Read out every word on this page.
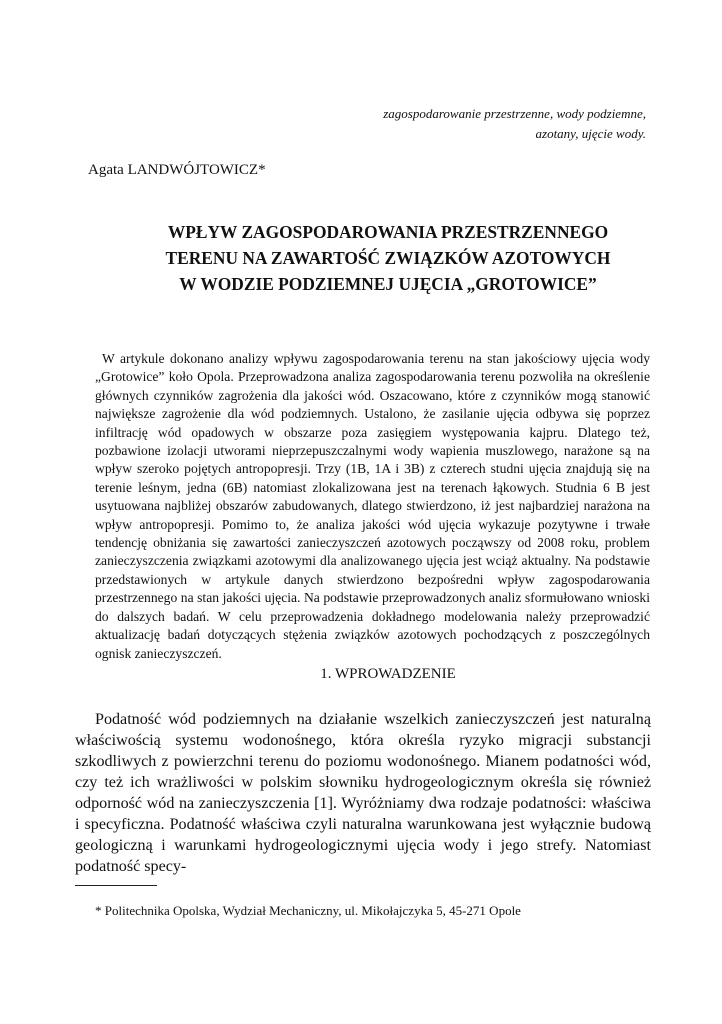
zagospodarowanie przestrzenne, wody podziemne,
azotany, ujęcie wody.
Agata LANDWÓJTOWICZ*
WPŁYW ZAGOSPODAROWANIA PRZESTRZENNEGO
TERENU NA ZAWARTOŚĆ ZWIĄZKÓW AZOTOWYCH
W WODZIE PODZIEMNEJ UJĘCIA „GROTOWICE”

W artykule dokonano analizy wpływu zagospodarowania terenu na stan jakościowy ujęcia wody „Grotowice” koło Opola. Przeprowadzona analiza zagospodarowania terenu pozwoliła na określenie głównych czynników zagrożenia dla jakości wód. Oszacowano, które z czynników mogą stanowić największe zagrożenie dla wód podziemnych. Ustalono, że zasilanie ujęcia odbywa się poprzez infiltrację wód opadowych w obszarze poza zasięgiem występowania kajpru. Dlatego też, pozbawione izolacji utworami nieprzepuszczalnymi wody wapienia muszlowego, narażone są na wpływ szeroko pojętych antropopresji. Trzy (1B, 1A i 3B) z czterech studni ujęcia znajdują się na terenie leśnym, jedna (6B) natomiast zlokalizowana jest na terenach łąkowych. Studnia 6 B jest usytuowana najbliżej obszarów zabudowanych, dlatego stwierdzono, iż jest najbardziej narażona na wpływ antropopresji. Pomimo to, że analiza jakości wód ujęcia wykazuje pozytywne i trwałe tendencję obniżania się zawartości zanieczyszczeń azotowych począwszy od 2008 roku, problem zanieczyszczenia związkami azotowymi dla analizowanego ujęcia jest wciąż aktualny. Na podstawie przedstawionych w artykule danych stwierdzono bezpośredni wpływ zagospodarowania przestrzennego na stan jakości ujęcia. Na podstawie przeprowadzonych analiz sformułowano wnioski do dalszych badań. W celu przeprowadzenia dokładnego modelowania należy przeprowadzić aktualizację badań dotyczących stężenia związków azotowych pochodzących z poszczególnych ognisk zanieczyszczeń.

1. WPROWADZENIE

Podatność wód podziemnych na działanie wszelkich zanieczyszczeń jest naturalną właściwością systemu wodonośnego, która określa ryzyko migracji substancji szkodliwych z powierzchni terenu do poziomu wodonośnego. Mianem podatności wód, czy też ich wrażliwości w polskim słowniku hydrogeologicznym określa się również odporność wód na zanieczyszczenia [1]. Wyróżniamy dwa rodzaje podatności: właściwa i specyficzna. Podatność właściwa czyli naturalna warunkowana jest wyłącznie budową geologiczną i warunkami hydrogeologicznymi ujęcia wody i jego strefy. Natomiast podatność specy-

* Politechnika Opolska, Wydział Mechaniczny, ul. Mikołajczyka 5, 45-271 Opole
